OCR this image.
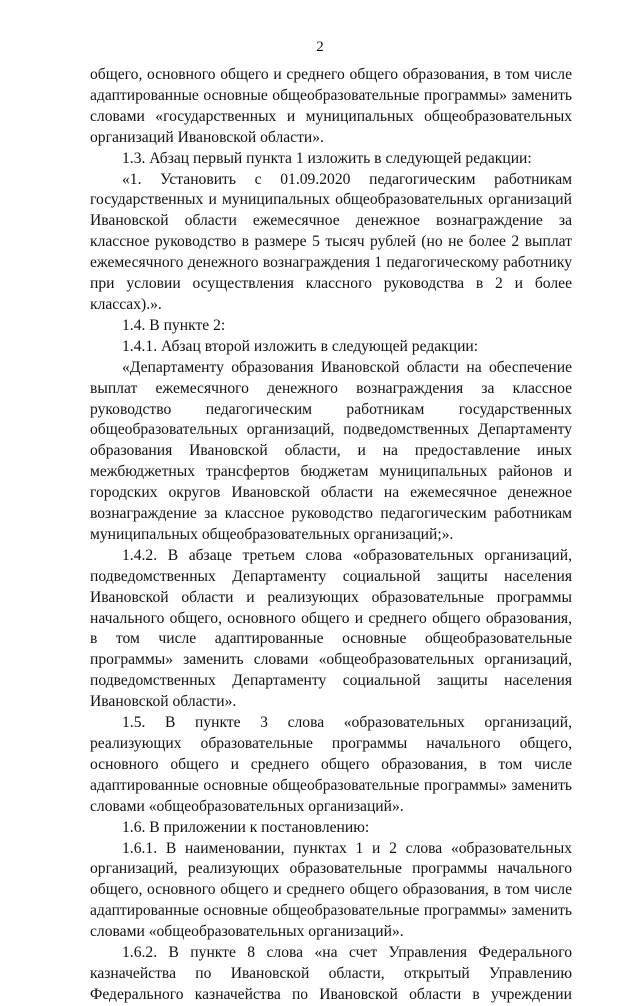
2

общего, основного общего и среднего общего образования, в том числе адаптированные основные общеобразовательные программы» заменить словами «государственных и муниципальных общеобразовательных организаций Ивановской области».

1.3. Абзац первый пункта 1 изложить в следующей редакции:

«1. Установить с 01.09.2020 педагогическим работникам государственных и муниципальных общеобразовательных организаций Ивановской области ежемесячное денежное вознаграждение за классное руководство в размере 5 тысяч рублей (но не более 2 выплат ежемесячного денежного вознаграждения 1 педагогическому работнику при условии осуществления классного руководства в 2 и более классах).».

1.4. В пункте 2:

1.4.1. Абзац второй изложить в следующей редакции:

«Департаменту образования Ивановской области на обеспечение выплат ежемесячного денежного вознаграждения за классное руководство педагогическим работникам государственных общеобразовательных организаций, подведомственных Департаменту образования Ивановской области, и на предоставление иных межбюджетных трансфертов бюджетам муниципальных районов и городских округов Ивановской области на ежемесячное денежное вознаграждение за классное руководство педагогическим работникам муниципальных общеобразовательных организаций;».

1.4.2. В абзаце третьем слова «образовательных организаций, подведомственных Департаменту социальной защиты населения Ивановской области и реализующих образовательные программы начального общего, основного общего и среднего общего образования, в том числе адаптированные основные общеобразовательные программы» заменить словами «общеобразовательных организаций, подведомственных Департаменту социальной защиты населения Ивановской области».

1.5. В пункте 3 слова «образовательных организаций, реализующих образовательные программы начального общего, основного общего и среднего общего образования, в том числе адаптированные основные общеобразовательные программы» заменить словами «общеобразовательных организаций».

1.6. В приложении к постановлению:

1.6.1. В наименовании, пунктах 1 и 2 слова «образовательных организаций, реализующих образовательные программы начального общего, основного общего и среднего общего образования, в том числе адаптированные основные общеобразовательные программы» заменить словами «общеобразовательных организаций».

1.6.2. В пункте 8 слова «на счет Управления Федерального казначейства по Ивановской области, открытый Управлению Федерального казначейства по Ивановской области в учреждении
